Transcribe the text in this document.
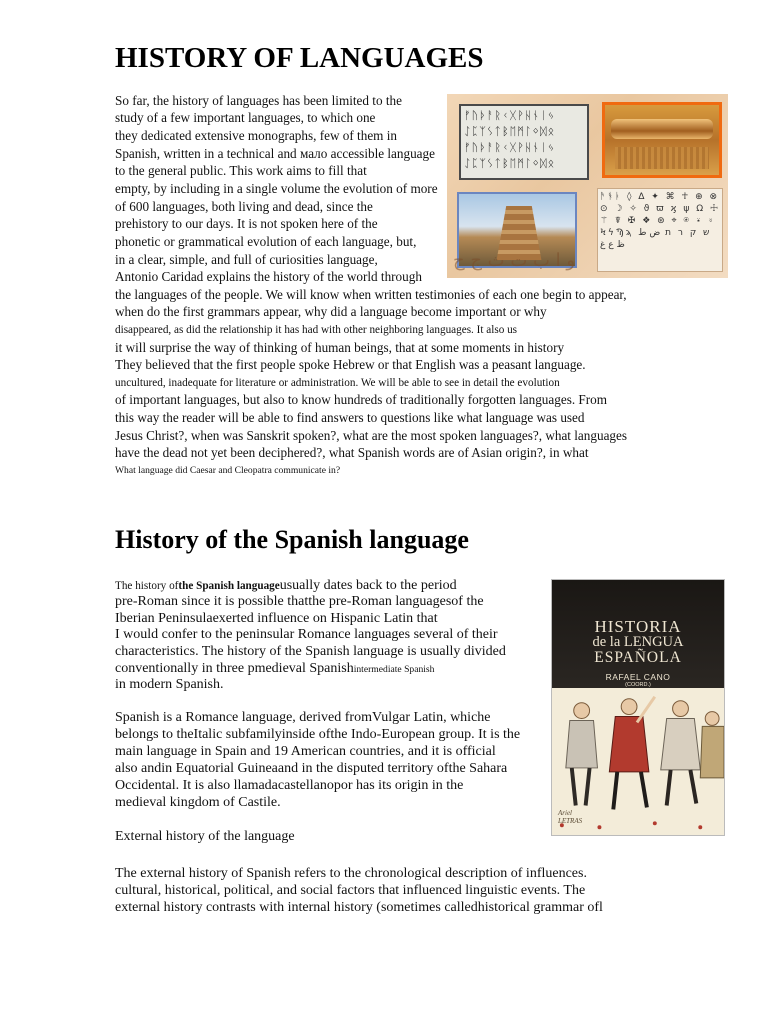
HISTORY OF LANGUAGES
So far, the history of languages has been limited to the
study of a few important languages, to which one
they dedicated extensive monographs, few of them in
Spanish, written in a technical and мало accessible language
to the general public. This work aims to fill that
empty, by including in a single volume the evolution of more
of 600 languages, both living and dead, since the
prehistory to our days. It is not spoken here of the
phonetic or grammatical evolution of each language, but,
in a clear, simple, and full of curiosities language,
Antonio Caridad explains the history of the world through
the languages of the people. We will know when written testimonies of each one begin to appear,
when do the first grammars appear, why did a language become important or why
disappeared, as did the relationship it has had with other neighboring languages. It also us
it will surprise the way of thinking of human beings, that at some moments in history
They believed that the first people spoke Hebrew or that English was a peasant language.
uncultured, inadequate for literature or administration. We will be able to see in detail the evolution
of important languages, but also to know hundreds of traditionally forgotten languages. From
this way the reader will be able to find answers to questions like what language was used
Jesus Christ?, when was Sanskrit spoken?, what are the most spoken languages?, what languages
have the dead not yet been deciphered?, what Spanish words are of Asian origin?, in what
What language did Caesar and Cleopatra communicate in?
ᚠᚢᚦᚨᚱᚲᚷᚹᚺᚾᛁᛃ ᛇᛈᛉᛊᛏᛒᛖᛗᛚᛜᛞᛟ ᚠᚢᚦᚨᚱᚲᚷᚹᚺᚾᛁᛃ ᛇᛈᛉᛊᛏᛒᛖᛗᛚᛜᛞᛟ
ᚫᚬᚭ ◊ ∆ ✦ ⌘ ☥ ⊕ ⊗ ⊙ ☽ ✧ ϑ ϖ ϗ ψ Ω ☩ ⚚ ☤ ✠ ❖ ⊛ ⌖ ⍟ ⍣ ⍤ ϞϟϠϡ ש ק ר ת ض ط ظ ع غ
ﻭ ﺍ ﺏ ﺕ ﺙ ﺝ ﺡ
History of the Spanish language
The history ofthe Spanish languageusually dates back to the period
pre-Roman since it is possible thatthe pre-Roman languagesof the
Iberian Peninsulaexerted influence on Hispanic Latin that
I would confer to the peninsular Romance languages several of their
characteristics. The history of the Spanish language is usually divided
conventionally in three pmedieval Spanishintermediate Spanish
in modern Spanish.
Spanish is a Romance language, derived fromVulgar Latin, whiche
belongs to theItalic subfamilyinside ofthe Indo-European group. It is the
main language in Spain and 19 American countries, and it is official
also andin Equatorial Guineaand in the disputed territory ofthe Sahara
Occidental. It is also llamadacastellanopor has its origin in the
medieval kingdom of Castile.
External history of the language
The external history of Spanish refers to the chronological description of influences.
cultural, historical, political, and social factors that influenced linguistic events. The
external history contrasts with internal history (sometimes calledhistorical grammar ofl
HISTORIA
de la LENGUA
ESPAÑOLA
RAFAEL CANO
(COORD.)
Ariel
LETRAS
